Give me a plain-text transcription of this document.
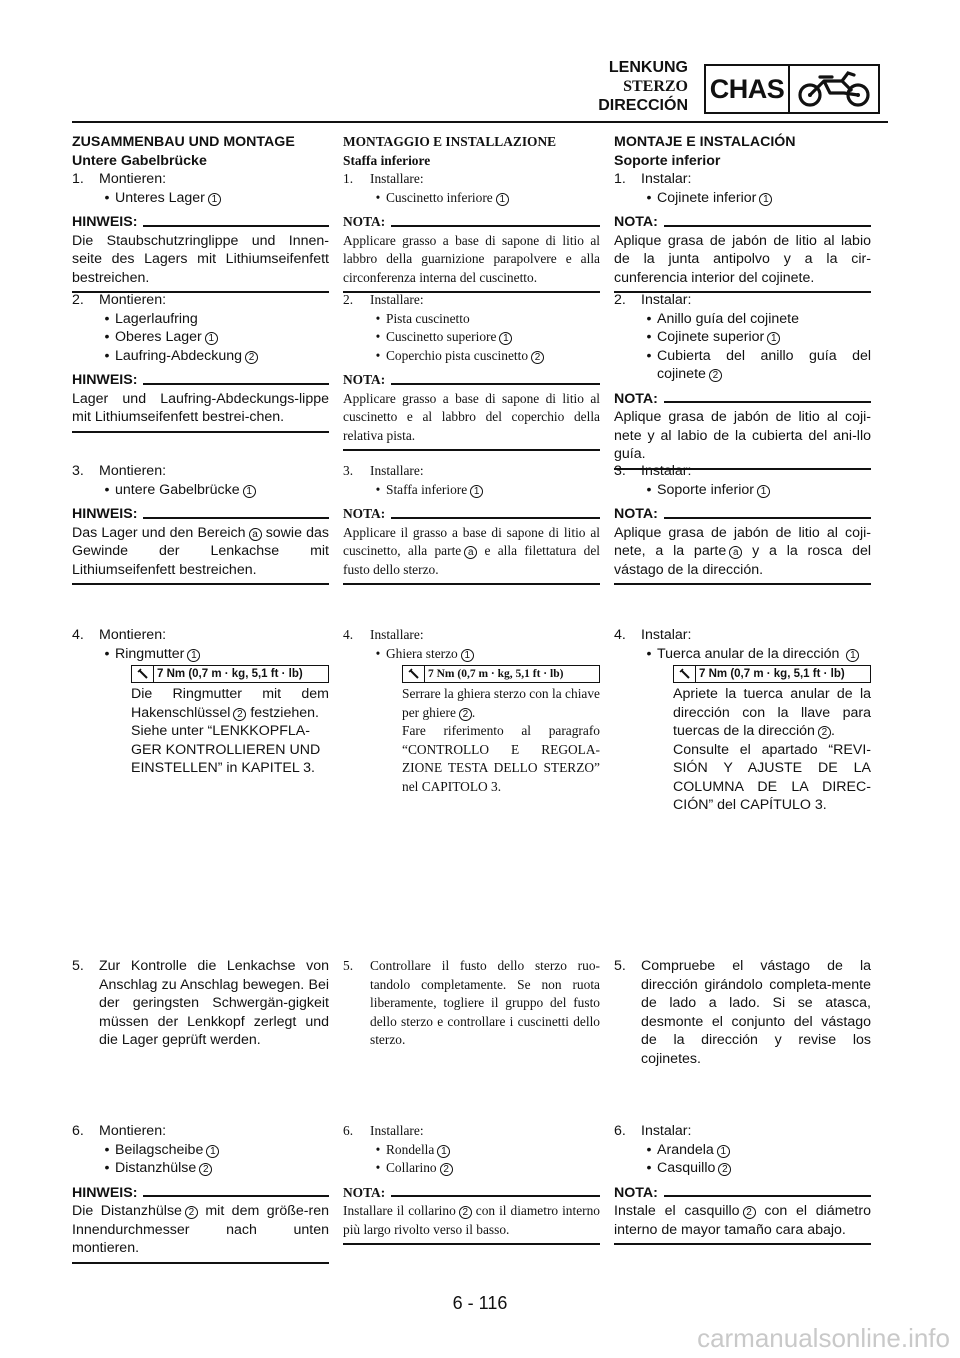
LENKUNG
STERZO
DIRECCIÓN
CHAS
ZUSAMMENBAU UND MONTAGE
Untere Gabelbrücke
1.	Montieren:
• Unteres Lager 1
HINWEIS:
Die Staubschutzringlippe und Innen-seite des Lagers mit Lithiumseifenfett bestreichen.
2.	Montieren:
• Lagerlaufring
• Oberes Lager 1
• Laufring-Abdeckung 2
HINWEIS:
Lager und Laufring-Abdeckungs-lippe mit Lithiumseifenfett bestrei-chen.
3.	Montieren:
• untere Gabelbrücke 1
HINWEIS:
Das Lager und den Bereich a sowie das Gewinde der Lenkachse mit Lithiumseifenfett bestreichen.
4.	Montieren:
• Ringmutter 1
7 Nm (0,7 m · kg, 5,1 ft · lb)
Die Ringmutter mit dem Hakenschlüssel 2 festziehen.
Siehe unter “LENKKOPFLA-GER KONTROLLIEREN UND EINSTELLEN” in KAPITEL 3.
5.	Zur Kontrolle die Lenkachse von Anschlag zu Anschlag bewegen. Bei der geringsten Schwergän-gigkeit müssen der Lenkkopf zerlegt und die Lager geprüft werden.
6.	Montieren:
• Beilagscheibe 1
• Distanzhülse 2
HINWEIS:
Die Distanzhülse 2 mit dem größe-ren Innendurchmesser nach unten montieren.
MONTAGGIO E INSTALLAZIONE
Staffa inferiore
1.	Installare:
• Cuscinetto inferiore 1
NOTA:
Applicare grasso a base di sapone di litio al labbro della guarnizione parapolvere e alla circonferenza interna del cuscinetto.
2.	Installare:
• Pista cuscinetto
• Cuscinetto superiore 1
• Coperchio pista cuscinetto 2
NOTA:
Applicare grasso a base di sapone di litio al cuscinetto e al labbro del coperchio della relativa pista.
3.	Installare:
• Staffa inferiore 1
NOTA:
Applicare il grasso a base di sapone di litio al cuscinetto, alla parte a e alla filettatura del fusto dello sterzo.
4.	Installare:
• Ghiera sterzo 1
7 Nm (0,7 m · kg, 5,1 ft · lb)
Serrare la ghiera sterzo con la chiave per ghiere 2 .
Fare riferimento al paragrafo “CONTROLLO E REGOLA-ZIONE TESTA DELLO STERZO” nel CAPITOLO 3.
5.	Controllare il fusto dello sterzo ruo-tandolo completamente. Se non ruota liberamente, togliere il gruppo del fusto dello sterzo e controllare i cuscinetti dello sterzo.
6.	Installare:
• Rondella 1
• Collarino 2
NOTA:
Installare il collarino 2 con il diametro interno più largo rivolto verso il basso.
MONTAJE E INSTALACIÓN
Soporte inferior
1.	Instalar:
• Cojinete inferior 1
NOTA:
Aplique grasa de jabón de litio al labio de la junta antipolvo y a la cir-cunferencia interior del cojinete.
2.	Instalar:
• Anillo guía del cojinete
• Cojinete superior 1
• Cubierta del anillo guía del cojinete 2
NOTA:
Aplique grasa de jabón de litio al coji-nete y al labio de la cubierta del ani-llo guía.
3.	Instalar:
• Soporte inferior 1
NOTA:
Aplique grasa de jabón de litio al coji-nete, a la parte a y a la rosca del vástago de la dirección.
4.	Instalar:
• Tuerca anular de la dirección 1
7 Nm (0,7 m · kg, 5,1 ft · lb)
Apriete la tuerca anular de la dirección con la llave para tuercas de la dirección 2 .
Consulte el apartado “REVI-SIÓN Y AJUSTE DE LA COLUMNA DE LA DIREC-CIÓN” del CAPÍTULO 3.
5.	Compruebe el vástago de la dirección girándolo completa-mente de lado a lado. Si se atasca, desmonte el conjunto del vástago de la dirección y revise los cojinetes.
6.	Instalar:
• Arandela 1
• Casquillo 2
NOTA:
Instale el casquillo 2 con el diámetro interno de mayor tamaño cara abajo.
6 - 116
carmanualsonline.info
